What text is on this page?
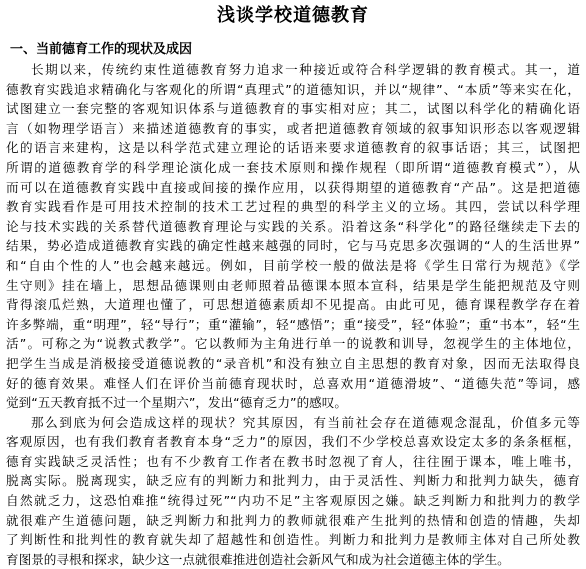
浅谈学校道德教育
一、当前德育工作的现状及成因
长期以来，传统约束性道德教育努力追求一种接近或符合科学逻辑的教育模式。其一，道
德教育实践追求精确化与客观化的所谓“真理式”的道德知识，并以“规律”、“本质”等来实在化，
试图建立一套完整的客观知识体系与道德教育的事实相对应；其二，试图以科学化的精确化语
言（如物理学语言）来描述道德教育的事实，或者把道德教育领域的叙事知识形态以客观逻辑
化的语言来建构，这是以科学范式建立理论的话语来要求道德教育的叙事话语；其三，试图把
所谓的道德教育学的科学理论演化成一套技术原则和操作规程（即所谓“道德教育模式”），从
而可以在道德教育实践中直接或间接的操作应用，以获得期望的道德教育“产品”。这是把道德
教育实践看作是可用技术控制的技术工艺过程的典型的科学主义的立场。其四，尝试以科学理
论与技术实践的关系替代道德教育理论与实践的关系。沿着这条“科学化”的路径继续走下去的
结果，势必造成道德教育实践的确定性越来越强的同时，它与马克思多次强调的“人的生活世界”
和“自由个性的人”也会越来越远。例如，目前学校一般的做法是将《学生日常行为规范》《学
生守则》挂在墙上，思想品德课则由老师照着品德课本照本宣科，结果是学生能把规范及守则
背得滚瓜烂熟，大道理也懂了，可思想道德素质却不见提高。由此可见，德育课程教学存在着
许多弊端，重“明理”，轻“导行”；重“灌输”，轻“感悟”；重“接受”，轻“体验”；重“书本”，轻“生
活”。可称之为“说教式教学”。它以教师为主角进行单一的说教和训导，忽视学生的主体地位，
把学生当成是消极接受道德说教的“录音机”和没有独立自主思想的教育对象，因而无法取得良
好的德育效果。难怪人们在评价当前德育现状时，总喜欢用“道德滑坡”、“道德失范”等词，感
觉到“五天教育抵不过一个星期六”，发出“德育乏力”的感叹。
那么到底为何会造成这样的现状？究其原因，有当前社会存在道德观念混乱，价值多元等
客观原因，也有我们教育者教育本身“乏力”的原因，我们不少学校总喜欢设定太多的条条框框，
德育实践缺乏灵活性；也有不少教育工作者在教书时忽视了育人，往往囿于课本，唯上唯书，
脱离实际。脱离现实，缺乏应有的判断力和批判力，由于灵活性、判断力和批判力缺失，德育
自然就乏力，这恐怕难推“统得过死”“内功不足”主客观原因之嫌。缺乏判断力和批判力的教学
就很难产生道德问题，缺乏判断力和批判力的教师就很难产生批判的热情和创造的情趣，失却
了判断性和批判性的教育就失却了超越性和创造性。判断力和批判力是教师主体对自己所处教
育图景的寻根和探求，缺少这一点就很难推进创造社会新风气和成为社会道德主体的学生。
